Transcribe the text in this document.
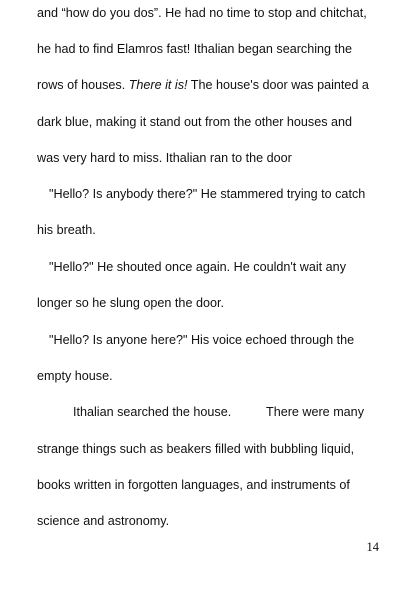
and “how do you dos”. He had no time to stop and chitchat,
he had to find Elamros fast! Ithalian began searching the
rows of houses. There it is! The house's door was painted a
dark blue, making it stand out from the other houses and
was very hard to miss. Ithalian ran to the door
"Hello? Is anybody there?" He stammered trying to catch
his breath.
"Hello?" He shouted once again. He couldn't wait any
longer so he slung open the door.
"Hello? Is anyone here?" His voice echoed through the
empty house.
Ithalian searched the house.          There were many
strange things such as beakers filled with bubbling liquid,
books written in forgotten languages, and instruments of
science and astronomy.
14
